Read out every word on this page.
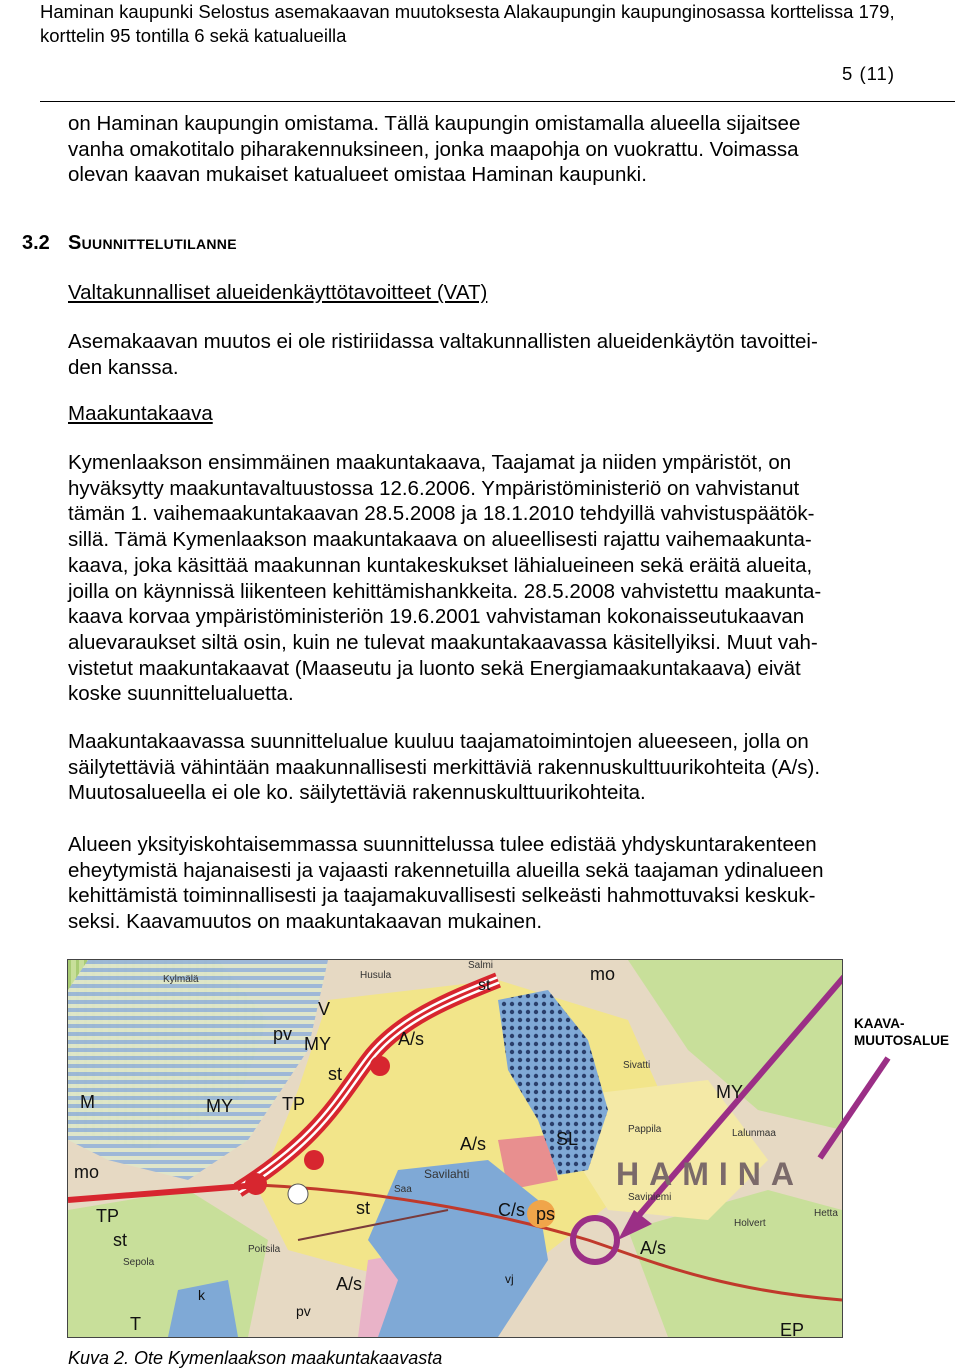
Haminan kaupunki Selostus asemakaavan muutoksesta Alakaupungin kaupunginosassa korttelissa 179,
korttelin 95 tontilla 6 sekä katualueilla
5 (11)
on Haminan kaupungin omistama. Tällä kaupungin omistamalla alueella sijaitsee
vanha omakotitalo piharakennuksineen, jonka maapohja on vuokrattu. Voimassa
olevan kaavan mukaiset katualueet omistaa Haminan kaupunki.
3.2 Suunnittelutilanne
Valtakunnalliset alueidenkäyttötavoitteet (VAT)
Asemakaavan muutos ei ole ristiriidassa valtakunnallisten alueidenkäytön tavoittei-
den kanssa.
Maakuntakaava
Kymenlaakson ensimmäinen maakuntakaava, Taajamat ja niiden ympäristöt, on
hyväksytty maakuntavaltuustossa 12.6.2006. Ympäristöministeriö on vahvistanut
tämän 1. vaihemaakuntakaavan 28.5.2008 ja 18.1.2010 tehdyillä vahvistuspäätök-
sillä. Tämä Kymenlaakson maakuntakaava on alueellisesti rajattu vaihemaakunta-
kaava, joka käsittää maakunnan kuntakeskukset lähialueineen sekä eräitä alueita,
joilla on käynnissä liikenteen kehittämishankkeita. 28.5.2008 vahvistettu maakunta-
kaava korvaa ympäristöministeriön 19.6.2001 vahvistaman kokonaisseutukaavan
aluevaraukset siltä osin, kuin ne tulevat maakuntakaavassa käsitellyiksi. Muut vah-
vistetut maakuntakaavat (Maaseutu ja luonto sekä Energiamaakuntakaava) eivät
koske suunnittelualuetta.
Maakuntakaavassa suunnittelualue kuuluu taajamatoimintojen alueeseen, jolla on
säilytettäviä vähintään maakunnallisesti merkittäviä rakennuskulttuurikohteita (A/s).
Muutosalueella ei ole ko. säilytettäviä rakennuskulttuurikohteita.
Alueen yksityiskohtaisemmassa suunnittelussa tulee edistää yhdyskuntarakenteen
eheytymistä hajanaisesti ja vajaasti rakennetuilla alueilla sekä taajaman ydinalueen
kehittämistä toiminnallisesti ja taajamakuvallisesti selkeästi hahmottuvaksi keskuk-
seksi. Kaavamuutos on maakuntakaavan mukainen.
mo
V
MY
pv
M	MY	TP
mo
st
TP
st
A/s
A/s	SL
HAMINA
MY
C/s ps
A/s
A/s
st
vj
k
pv
T	EP
st
Kylmälä	Husula
Salmi
Pappila
Sivatti
Savilahti
Lalunmaa
Hetta
Holvert
Saviniemi
Sepola
Poitsila
Saa
KAAVA-
MUUTOSALUE
Kuva 2. Ote Kymenlaakson maakuntakaavasta
